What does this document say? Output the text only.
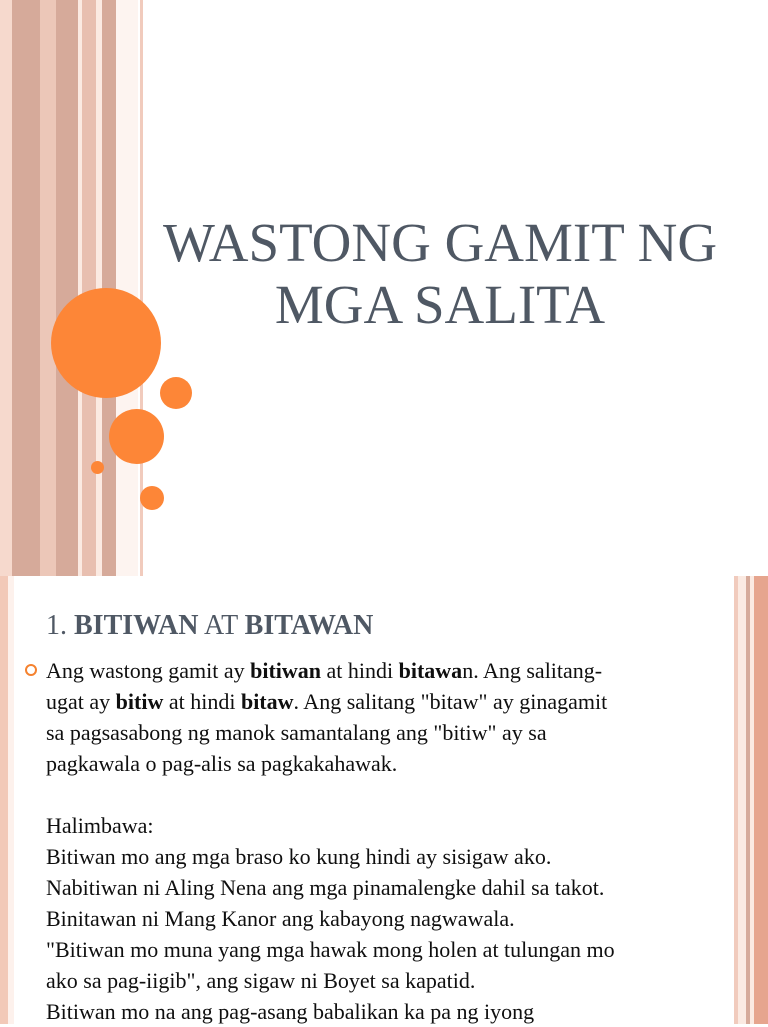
WASTONG GAMIT NG
MGA SALITA
1. BITIWAN AT BITAWAN

Ang wastong gamit ay bitiwan at hindi bitawan. Ang salitang-

ugat ay bitiw at hindi bitaw. Ang salitang "bitaw" ay ginagamit

sa pagsasabong ng manok samantalang ang "bitiw" ay sa

pagkawala o pag-alis sa pagkakahawak.

Halimbawa:

Bitiwan mo ang mga braso ko kung hindi ay sisigaw ako.

Nabitiwan ni Aling Nena ang mga pinamalengke dahil sa takot.

Binitawan ni Mang Kanor ang kabayong nagwawala.

"Bitiwan mo muna yang mga hawak mong holen at tulungan mo

ako sa pag-iigib", ang sigaw ni Boyet sa kapatid.

Bitiwan mo na ang pag-asang babalikan ka pa ng iyong
